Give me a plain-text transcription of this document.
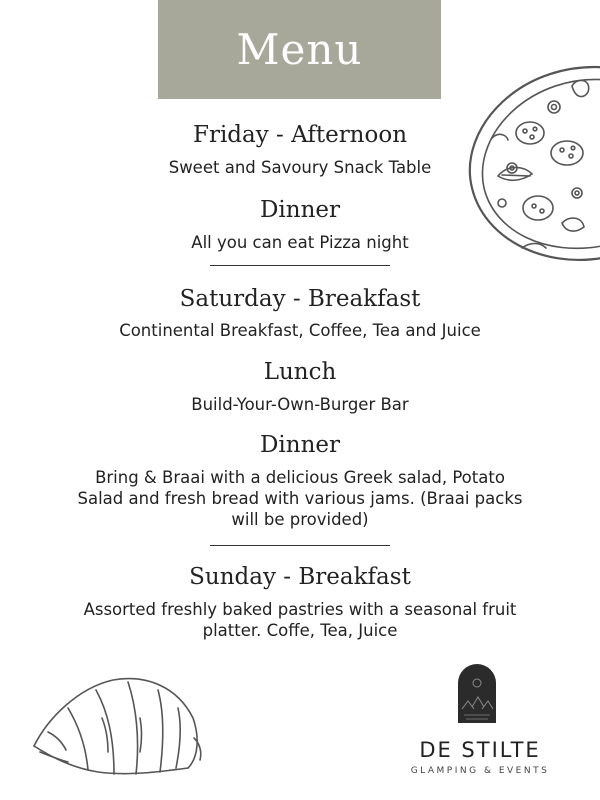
Menu
Friday - Afternoon
Sweet and Savoury Snack Table
Dinner
All you can eat Pizza night
Saturday - Breakfast
Continental Breakfast, Coffee, Tea and Juice
Lunch
Build-Your-Own-Burger Bar
Dinner
Bring & Braai with a delicious Greek salad, Potato Salad and fresh bread with various jams. (Braai packs will be provided)
Sunday - Breakfast
Assorted freshly baked pastries with a seasonal fruit platter. Coffe, Tea, Juice
DE STILTE
GLAMPING & EVENTS
